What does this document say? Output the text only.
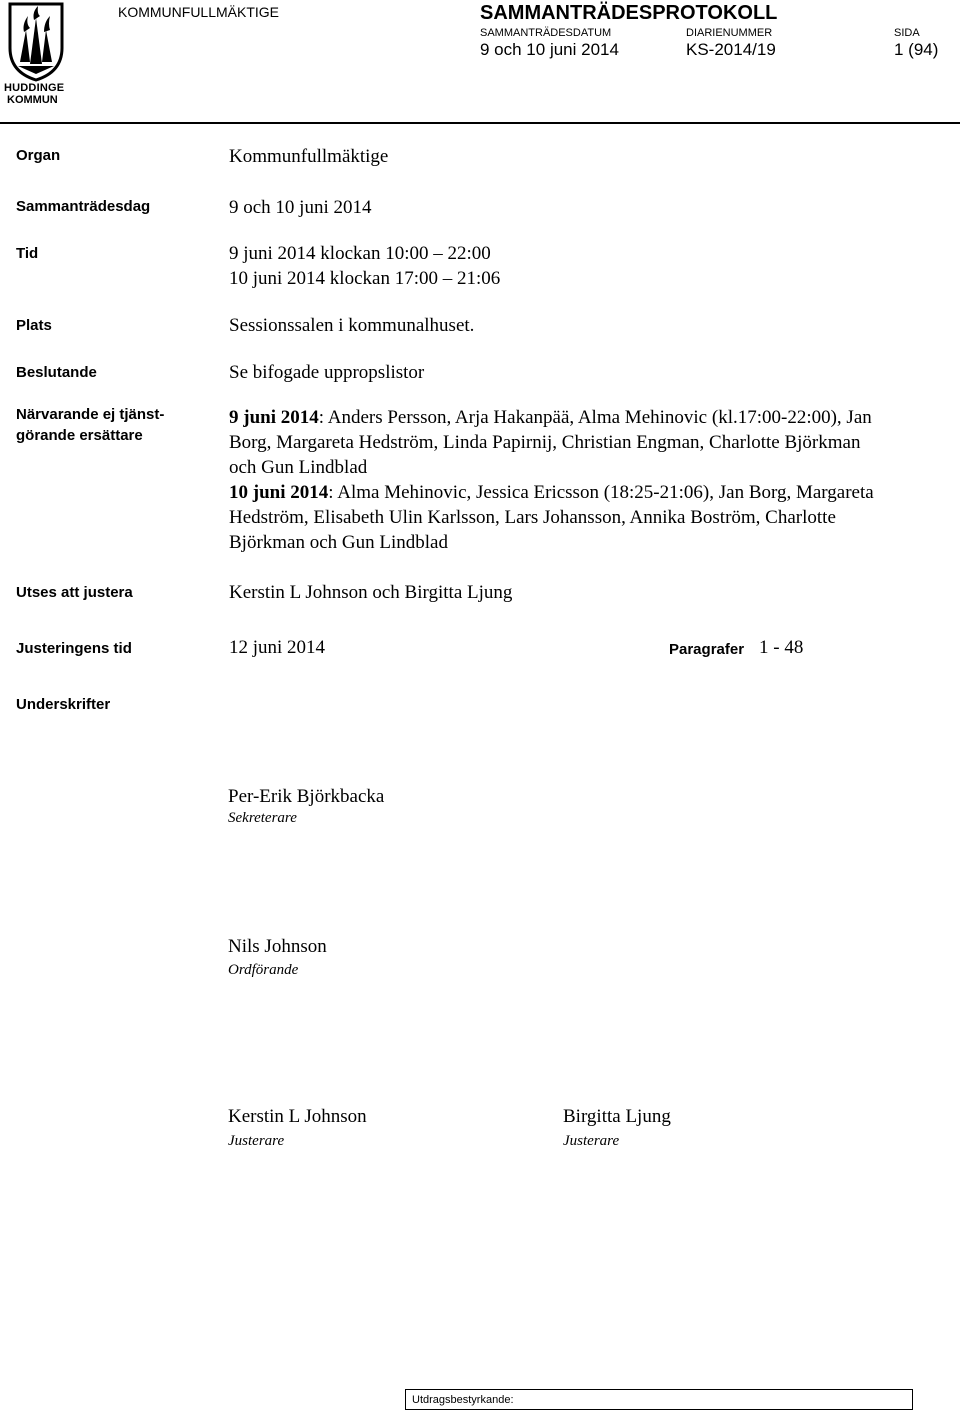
HUDDINGE
KOMMUN
KOMMUNFULLMÄKTIGE	SAMMANTRÄDESPROTOKOLL
SAMMANTRÄDESDATUM
9 och 10 juni 2014
DIARIENUMMER
KS-2014/19
SIDA
1 (94)
Organ	Kommunfullmäktige
Sammanträdesdag	9 och 10 juni 2014
Tid	9 juni 2014 klockan 10:00 – 22:00
10 juni 2014 klockan 17:00 – 21:06
Plats	Sessionssalen i kommunalhuset.
Beslutande	Se bifogade uppropslistor
Närvarande ej tjänst-
görande ersättare
9 juni 2014: Anders Persson, Arja Hakanpää, Alma Mehinovic (kl.17:00-22:00), Jan Borg, Margareta Hedström, Linda Papirnij, Christian Engman, Charlotte Björkman och Gun Lindblad
10 juni 2014: Alma Mehinovic, Jessica Ericsson (18:25-21:06), Jan Borg, Margareta Hedström, Elisabeth Ulin Karlsson, Lars Johansson, Annika Boström, Charlotte Björkman och Gun Lindblad
Utses att justera	Kerstin L Johnson och Birgitta Ljung
Justeringens tid	12 juni 2014	Paragrafer 1 - 48
Underskrifter
Per-Erik Björkbacka
Sekreterare
Nils Johnson
Ordförande
Kerstin L Johnson
Justerare
Birgitta Ljung
Justerare
Utdragsbestyrkande:
